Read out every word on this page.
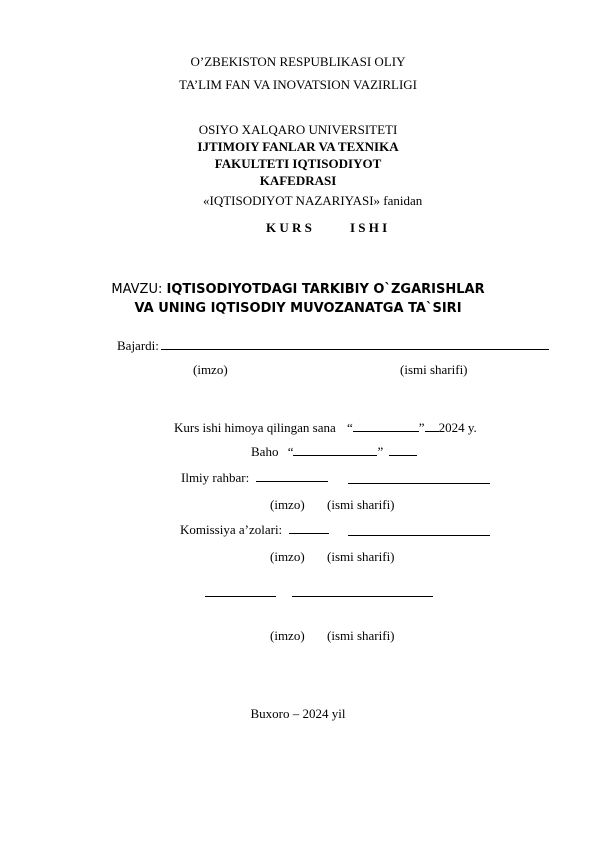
O’ZBEKISTON RESPUBLIKASI OLIY
TA’LIM FAN VA INOVATSION VAZIRLIGI
OSIYO XALQARO UNIVERSITETI
IJTIMOIY FANLAR VA TEXNIKA
FAKULTETI IQTISODIYOT
KAFEDRASI
«IQTISODIYOT NAZARIYASI» fanidan
K U R S	I S H I
MAVZU: IQTISODIYOTDAGI TARKIBIY O`ZGARISHLAR
VA UNING IQTISODIY MUVOZANATGA TA`SIRI
Bajardi:
(imzo)	(ismi sharifi)
Kurs ishi himoya qilingan sana “	” 2024 y.
Baho “	”
Ilmiy rahbar:
(imzo) (ismi sharifi)
Komissiya a’zolari:
(imzo) (ismi sharifi)
(imzo) (ismi sharifi)
Buxoro – 2024 yil
